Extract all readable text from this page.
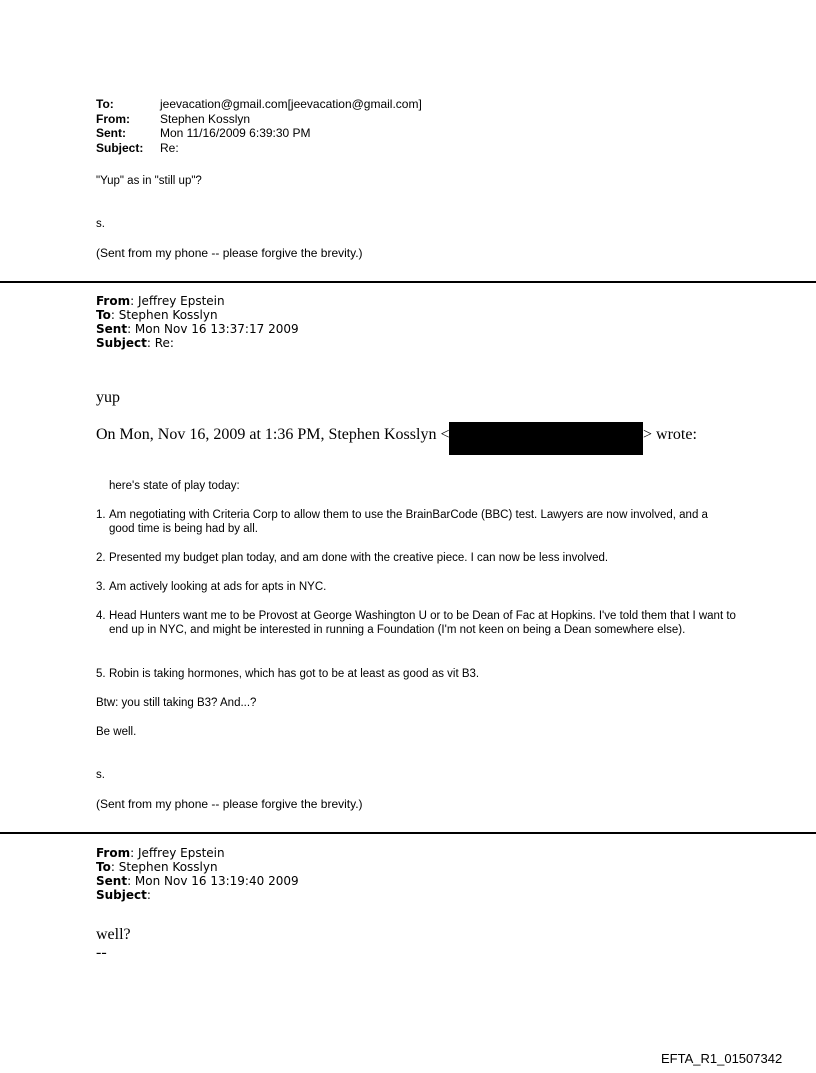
To:	jeevacation@gmail.com[jeevacation@gmail.com]
From:	Stephen Kosslyn
Sent:	Mon 11/16/2009 6:39:30 PM
Subject:	Re:
"Yup" as in "still up"?
s.
(Sent from my phone -- please forgive the brevity.)
From: Jeffrey Epstein
To: Stephen Kosslyn
Sent: Mon Nov 16 13:37:17 2009
Subject: Re:
yup
On Mon, Nov 16, 2009 at 1:36 PM, Stephen Kosslyn <	> wrote:
here's state of play today:
1. Am negotiating with Criteria Corp to allow them to use the BrainBarCode (BBC) test. Lawyers are now involved, and a good time is being had by all.
2. Presented my budget plan today, and am done with the creative piece. I can now be less involved.
3. Am actively looking at ads for apts in NYC.
4. Head Hunters want me to be Provost at George Washington U or to be Dean of Fac at Hopkins. I've told them that I want to end up in NYC, and might be interested in running a Foundation (I'm not keen on being a Dean somewhere else).
5. Robin is taking hormones, which has got to be at least as good as vit B3.
Btw: you still taking B3? And...?
Be well.
s.
(Sent from my phone -- please forgive the brevity.)
From: Jeffrey Epstein
To: Stephen Kosslyn
Sent: Mon Nov 16 13:19:40 2009
Subject:
well?
--
EFTA_R1_01507342
